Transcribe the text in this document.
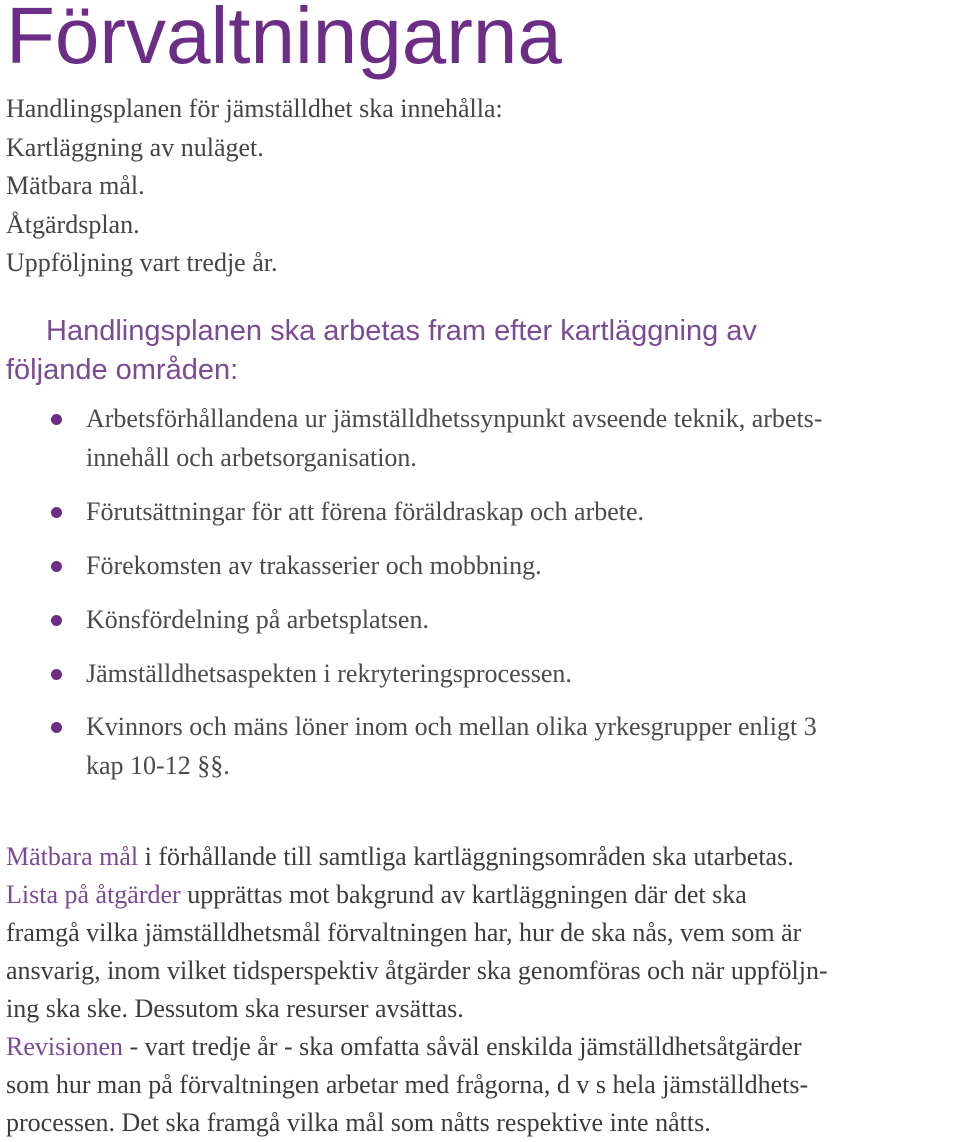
Förvaltningarna
Handlingsplanen för jämställdhet ska innehålla:
Kartläggning av nuläget.
Mätbara mål.
Åtgärdsplan.
Uppföljning vart tredje år.
Handlingsplanen ska arbetas fram efter kartläggning av
följande områden:
Arbetsförhållandena ur jämställdhetssynpunkt avseende teknik, arbets-
innehåll och arbetsorganisation.
Förutsättningar för att förena föräldraskap och arbete.
Förekomsten av trakasserier och mobbning.
Könsfördelning på arbetsplatsen.
Jämställdhetsaspekten i rekryteringsprocessen.
Kvinnors och mäns löner inom och mellan olika yrkesgrupper enligt 3
kap 10-12 §§.
Mätbara mål i förhållande till samtliga kartläggningsområden ska utarbetas.
Lista på åtgärder upprättas mot bakgrund av kartläggningen där det ska
framgå vilka jämställdhetsmål förvaltningen har, hur de ska nås, vem som är
ansvarig, inom vilket tidsperspektiv åtgärder ska genomföras och när uppföljn-
ing ska ske. Dessutom ska resurser avsättas.
Revisionen - vart tredje år - ska omfatta såväl enskilda jämställdhetsåtgärder
som hur man på förvaltningen arbetar med frågorna, d v s hela jämställdhets-
processen. Det ska framgå vilka mål som nåtts respektive inte nåtts.
